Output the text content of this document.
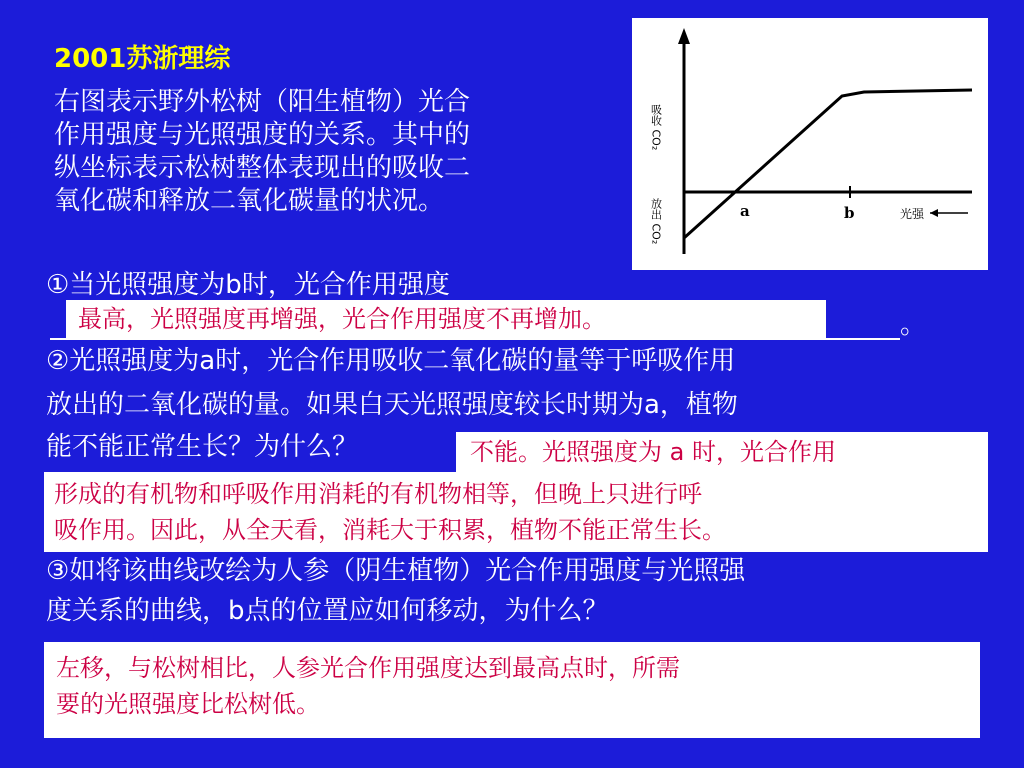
2001苏浙理综
右图表示野外松树（阳生植物）光合
作用强度与光照强度的关系。其中的
纵坐标表示松树整体表现出的吸收二
氧化碳和释放二氧化碳量的状况。
吸收 CO₂
放出 CO₂	a	b	光强
①当光照强度为b时，光合作用强度
最高，光照强度再增强，光合作用强度不再增加。	。
②光照强度为a时，光合作用吸收二氧化碳的量等于呼吸作用
放出的二氧化碳的量。如果白天光照强度较长时期为a，植物
能不能正常生长？为什么？	不能。光照强度为 a 时，光合作用
形成的有机物和呼吸作用消耗的有机物相等，但晚上只进行呼
吸作用。因此，从全天看，消耗大于积累，植物不能正常生长。
③如将该曲线改绘为人参（阴生植物）光合作用强度与光照强
度关系的曲线，b点的位置应如何移动，为什么？
左移，与松树相比，人参光合作用强度达到最高点时，所需
要的光照强度比松树低。
